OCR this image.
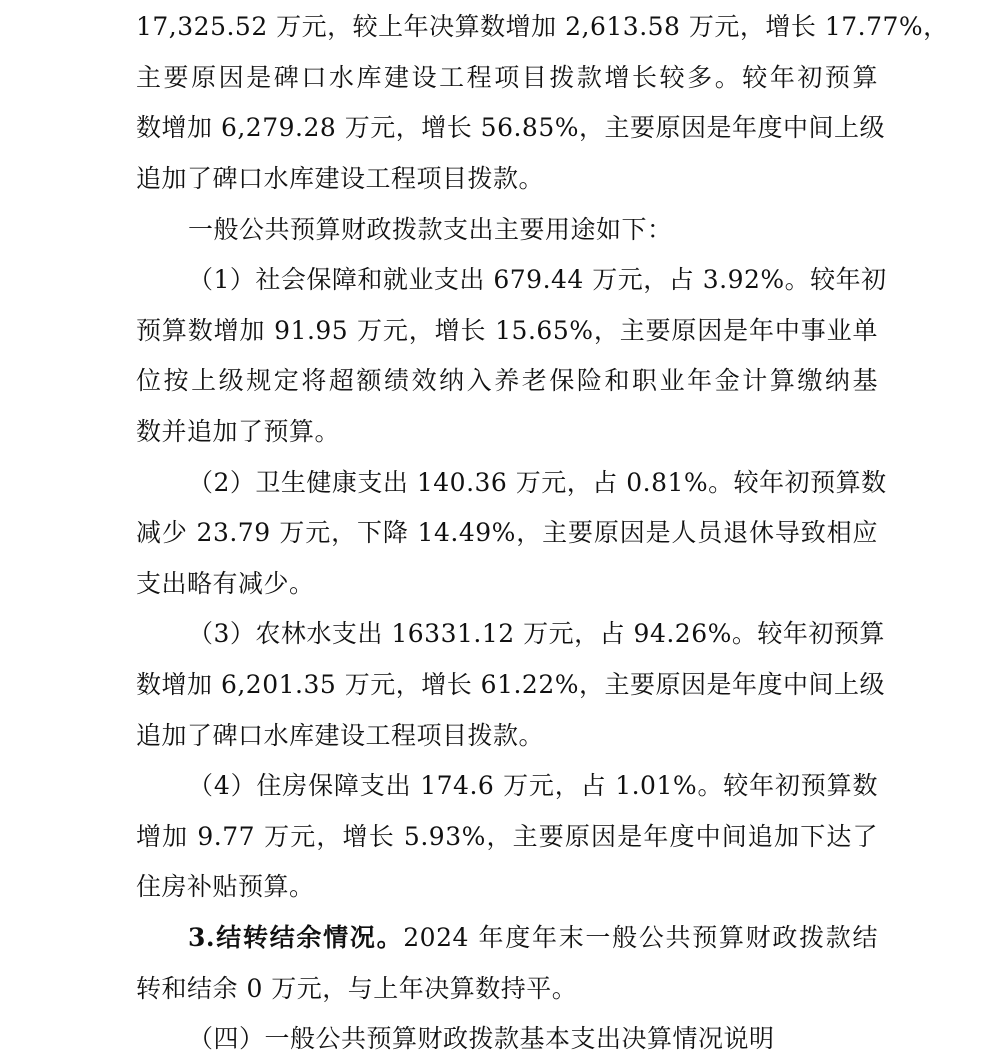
17,325.52 万元，较上年决算数增加 2,613.58 万元，增长 17.77%，
主要原因是碑口水库建设工程项目拨款增长较多。较年初预算
数增加 6,279.28 万元，增长 56.85%，主要原因是年度中间上级
追加了碑口水库建设工程项目拨款。
一般公共预算财政拨款支出主要用途如下：
（1）社会保障和就业支出 679.44 万元，占 3.92%。较年初
预算数增加 91.95 万元，增长 15.65%，主要原因是年中事业单
位按上级规定将超额绩效纳入养老保险和职业年金计算缴纳基
数并追加了预算。
（2）卫生健康支出 140.36 万元，占 0.81%。较年初预算数
减少 23.79 万元，下降 14.49%，主要原因是人员退休导致相应
支出略有减少。
（3）农林水支出 16331.12 万元，占 94.26%。较年初预算
数增加 6,201.35 万元，增长 61.22%，主要原因是年度中间上级
追加了碑口水库建设工程项目拨款。
（4）住房保障支出 174.6 万元，占 1.01%。较年初预算数
增加 9.77 万元，增长 5.93%，主要原因是年度中间追加下达了
住房补贴预算。
3.结转结余情况。2024 年度年末一般公共预算财政拨款结
转和结余 0 万元，与上年决算数持平。
（四）一般公共预算财政拨款基本支出决算情况说明
